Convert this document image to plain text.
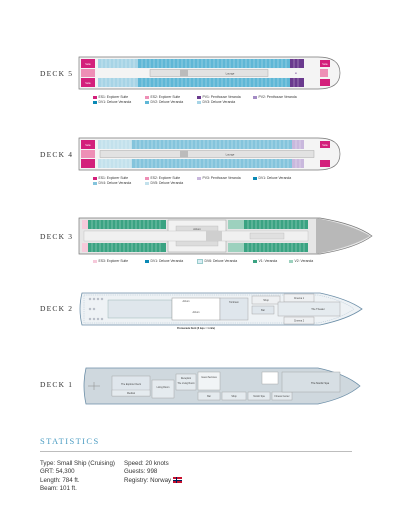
DECK 5
Suite
Suite
Suite
Lounge	≡
ES1: Explorer Suite	ES2: Explorer Suite	PV1: Penthouse Veranda	PV2: Penthouse Veranda
DV1: Deluxe Veranda	DV2: Deluxe Veranda	DV3: Deluxe Veranda
DECK 4
Suite	Suite
Lounge
ES1: Explorer Suite	ES2: Explorer Suite	PV3: Penthouse Veranda	DV1: Deluxe Veranda
DV4: Deluxe Veranda	DV5: Deluxe Veranda
DECK 3
Atrium
ES3: Explorer Suite	DV1: Deluxe Veranda	DV6: Deluxe Veranda	V1: Veranda	V2: Veranda
DECK 2
Atrium	Torshavn
Shop
Cinema 1
Bar	The Theater
Cinema 2
Atrium
Promenade Deck (6 laps = 1 mile)
DECK 1	The Explorer Deck
Medical
Living Room
Reception
The Living Room
Guest Services
Bar	Shop	Nordic Spa	Fitness Center
The Nordic Spa
STATISTICS
Type: Small Ship (Cruising)
GRT: 54,300
Length: 784 ft.
Beam: 101 ft.
Speed: 20 knots
Guests: 998
Registry: Norway
